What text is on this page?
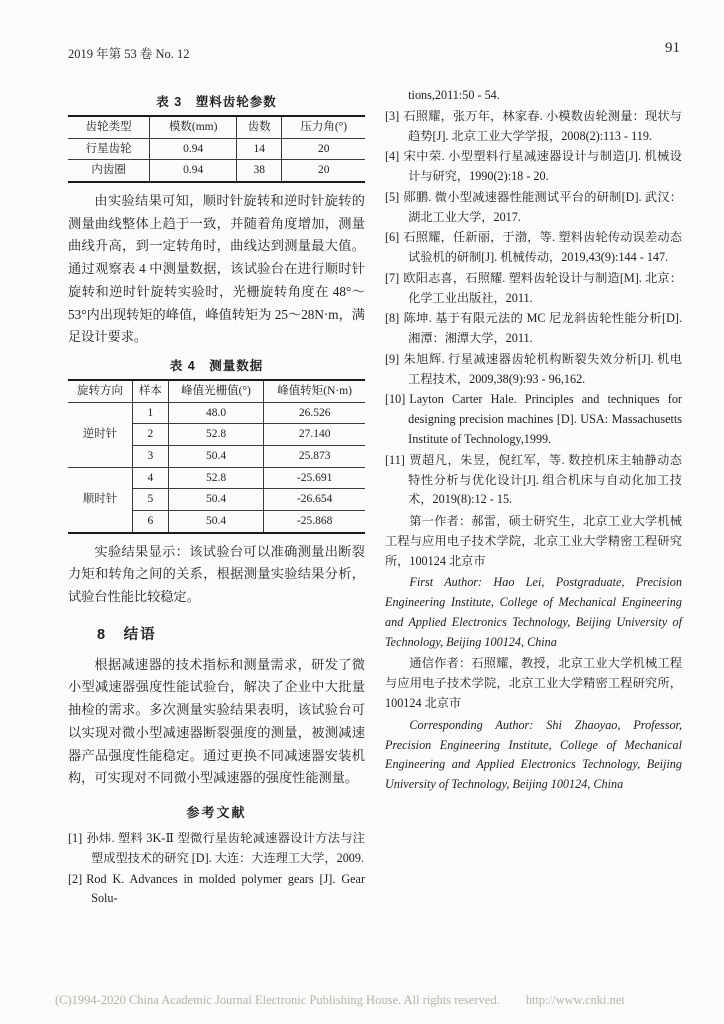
2019 年第 53 卷 No. 12	91
表 3　塑料齿轮参数
齿轮类型	模数(mm)	齿数	压力角(°)
行星齿轮	0.94	14	20
内齿圈	0.94	38	20

由实验结果可知，顺时针旋转和逆时针旋转的测量曲线整体上趋于一致，并随着角度增加，测量曲线升高，到一定转角时，曲线达到测量最大值。通过观察表 4 中测量数据，该试验台在进行顺时针旋转和逆时针旋转实验时，光栅旋转角度在 48°～53°内出现转矩的峰值，峰值转矩为 25～28N·m，满足设计要求。

表 4　测量数据
旋转方向	样本	峰值光栅值(°)	峰值转矩(N·m)
逆时针	1	48.0	26.526
	2	52.8	27.140
	3	50.4	25.873
顺时针	4	52.8	-25.691
	5	50.4	-26.654
	6	50.4	-25.868

实验结果显示：该试验台可以准确测量出断裂力矩和转角之间的关系，根据测量实验结果分析，试验台性能比较稳定。

8　结语

根据减速器的技术指标和测量需求，研发了微小型减速器强度性能试验台，解决了企业中大批量抽检的需求。多次测量实验结果表明，该试验台可以实现对微小型减速器断裂强度的测量，被测减速器产品强度性能稳定。通过更换不同减速器安装机构，可实现对不同微小型减速器的强度性能测量。

参考文献

[1] 孙炜. 塑料 3K-Ⅱ 型微行星齿轮减速器设计方法与注塑成型技术的研究 [D]. 大连：大连理工大学，2009.

[2] Rod K. Advances in molded polymer gears [J]. Gear Solu-

tions,2011:50 - 54.

[3] 石照耀，张万年，林家春. 小模数齿轮测量：现状与趋势[J]. 北京工业大学学报，2008(2):113 - 119.

[4] 宋中荣. 小型塑料行星减速器设计与制造[J]. 机械设计与研究，1990(2):18 - 20.

[5] 郧鹏. 微小型减速器性能测试平台的研制[D]. 武汉：湖北工业大学，2017.

[6] 石照耀，任新丽，于渤，等. 塑料齿轮传动误差动态试验机的研制[J]. 机械传动，2019,43(9):144 - 147.

[7] 欧阳志喜，石照耀. 塑料齿轮设计与制造[M]. 北京：化学工业出版社，2011.

[8] 陈坤. 基于有限元法的 MC 尼龙斜齿轮性能分析[D]. 湘潭：湘潭大学，2011.

[9] 朱旭辉. 行星减速器齿轮机构断裂失效分析[J]. 机电工程技术，2009,38(9):93 - 96,162.

[10] Layton Carter Hale. Principles and techniques for designing precision machines [D]. USA: Massachusetts Institute of Technology,1999.

[11] 贾超凡，朱昱，倪红军，等. 数控机床主轴静动态特性分析与优化设计[J]. 组合机床与自动化加工技术，2019(8):12 - 15.

第一作者：郝雷，硕士研究生，北京工业大学机械工程与应用电子技术学院，北京工业大学精密工程研究所，100124 北京市

First Author: Hao Lei, Postgraduate, Precision Engineering Institute, College of Mechanical Engineering and Applied Electronics Technology, Beijing University of Technology, Beijing 100124, China

通信作者：石照耀，教授，北京工业大学机械工程与应用电子技术学院，北京工业大学精密工程研究所，100124 北京市

Corresponding Author: Shi Zhaoyao, Professor, Precision Engineering Institute, College of Mechanical Engineering and Applied Electronics Technology, Beijing University of Technology, Beijing 100124, China

(C)1994-2020 China Academic Journal Electronic Publishing House. All rights reserved. http://www.cnki.net
